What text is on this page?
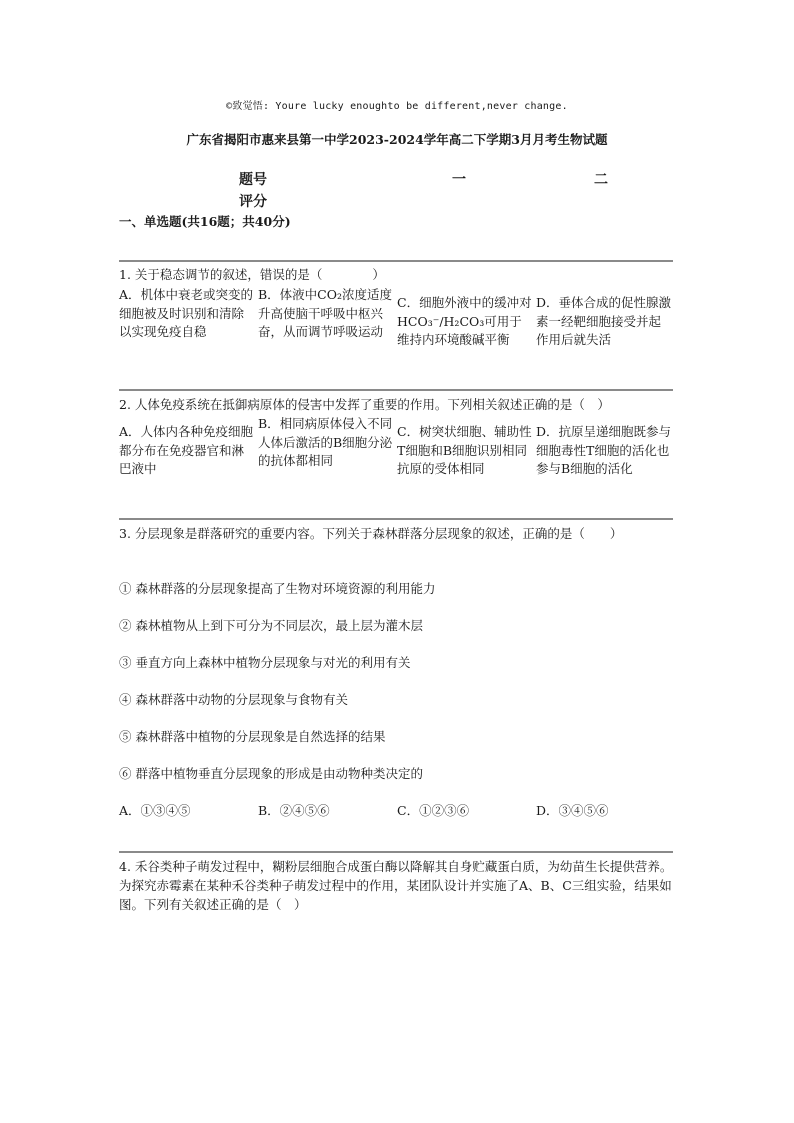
©致觉悟: Youre lucky enoughto be different,never change.
广东省揭阳市惠来县第一中学2023-2024学年高二下学期3月月考生物试题
题号	一	二
评分
一、单选题(共16题；共40分)
1. 关于稳态调节的叙述，错误的是（　　　　）
A．机体中衰老或突变的细胞被及时识别和清除以实现免疫自稳
B．体液中CO₂浓度适度升高使脑干呼吸中枢兴奋，从而调节呼吸运动
C．细胞外液中的缓冲对HCO₃⁻/H₂CO₃可用于维持内环境酸碱平衡
D．垂体合成的促性腺激素一经靶细胞接受并起作用后就失活
2. 人体免疫系统在抵御病原体的侵害中发挥了重要的作用。下列相关叙述正确的是（　）
A．人体内各种免疫细胞都分布在免疫器官和淋巴液中
B．相同病原体侵入不同人体后激活的B细胞分泌的抗体都相同
C．树突状细胞、辅助性T细胞和B细胞识别相同抗原的受体相同
D．抗原呈递细胞既参与细胞毒性T细胞的活化也参与B细胞的活化
3. 分层现象是群落研究的重要内容。下列关于森林群落分层现象的叙述，正确的是（　　）
① 森林群落的分层现象提高了生物对环境资源的利用能力
② 森林植物从上到下可分为不同层次，最上层为灌木层
③ 垂直方向上森林中植物分层现象与对光的利用有关
④ 森林群落中动物的分层现象与食物有关
⑤ 森林群落中植物的分层现象是自然选择的结果
⑥ 群落中植物垂直分层现象的形成是由动物种类决定的
A．①③④⑤	B．②④⑤⑥	C．①②③⑥	D．③④⑤⑥
4. 禾谷类种子萌发过程中，糊粉层细胞合成蛋白酶以降解其自身贮藏蛋白质，为幼苗生长提供营养。为探究赤霉素在某种禾谷类种子萌发过程中的作用，某团队设计并实施了A、B、C三组实验，结果如图。下列有关叙述正确的是（　）
